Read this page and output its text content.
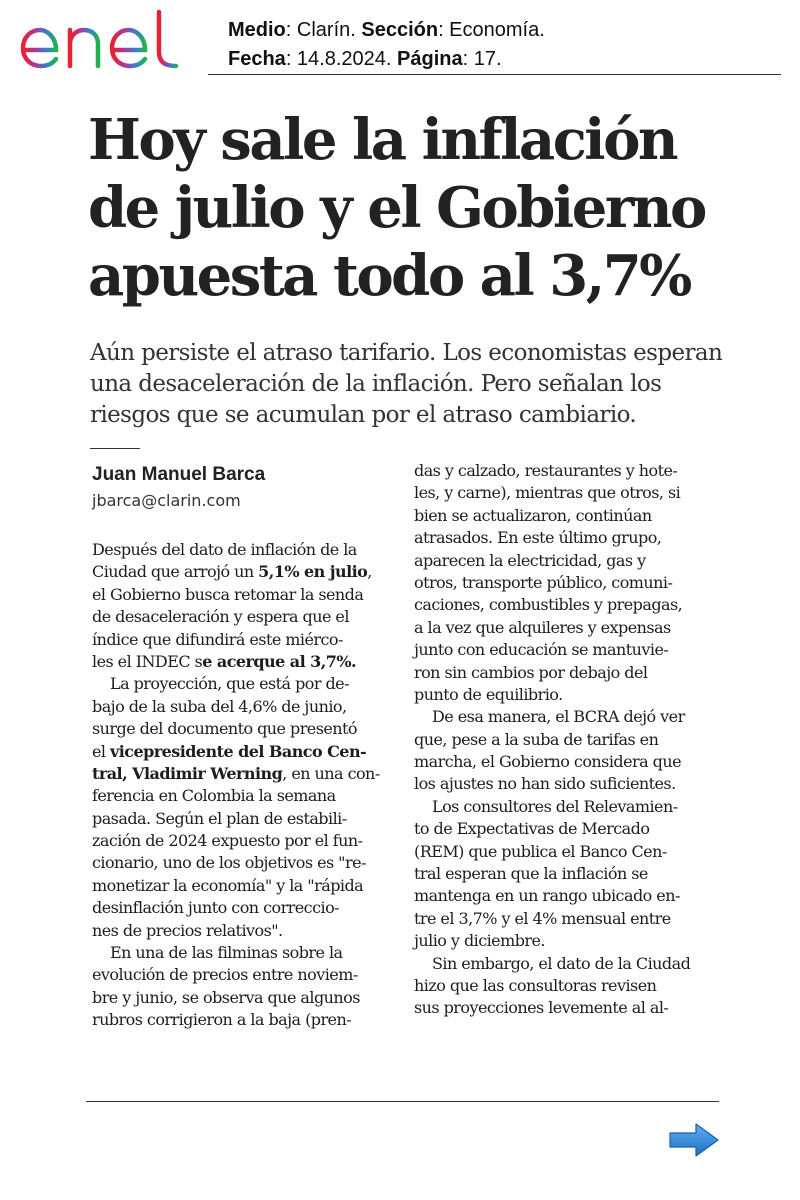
enel
Medio: Clarín. Sección: Economía.
Fecha: 14.8.2024. Página: 17.
Hoy sale la inflación
de julio y el Gobierno
apuesta todo al 3,7%

Aún persiste el atraso tarifario. Los economistas esperan
una desaceleración de la inflación. Pero señalan los
riesgos que se acumulan por el atraso cambiario.

Juan Manuel Barca
jbarca@clarin.com
Después del dato de inflación de la
Ciudad que arrojó un 5,1% en julio,
el Gobierno busca retomar la senda
de desaceleración y espera que el
índice que difundirá este miérco-
les el INDEC se acerque al 3,7%.
La proyección, que está por de-
bajo de la suba del 4,6% de junio,
surge del documento que presentó
el vicepresidente del Banco Cen-
tral, Vladimir Werning, en una con-
ferencia en Colombia la semana
pasada. Según el plan de estabili-
zación de 2024 expuesto por el fun-
cionario, uno de los objetivos es "re-
monetizar la economía" y la "rápida
desinflación junto con correccio-
nes de precios relativos".
En una de las filminas sobre la
evolución de precios entre noviem-
bre y junio, se observa que algunos
rubros corrigieron a la baja (pren-
das y calzado, restaurantes y hote-
les, y carne), mientras que otros, si
bien se actualizaron, continúan
atrasados. En este último grupo,
aparecen la electricidad, gas y
otros, transporte público, comuni-
caciones, combustibles y prepagas,
a la vez que alquileres y expensas
junto con educación se mantuvie-
ron sin cambios por debajo del
punto de equilibrio.
De esa manera, el BCRA dejó ver
que, pese a la suba de tarifas en
marcha, el Gobierno considera que
los ajustes no han sido suficientes.
Los consultores del Relevamien-
to de Expectativas de Mercado
(REM) que publica el Banco Cen-
tral esperan que la inflación se
mantenga en un rango ubicado en-
tre el 3,7% y el 4% mensual entre
julio y diciembre.
Sin embargo, el dato de la Ciudad
hizo que las consultoras revisen
sus proyecciones levemente al al-
